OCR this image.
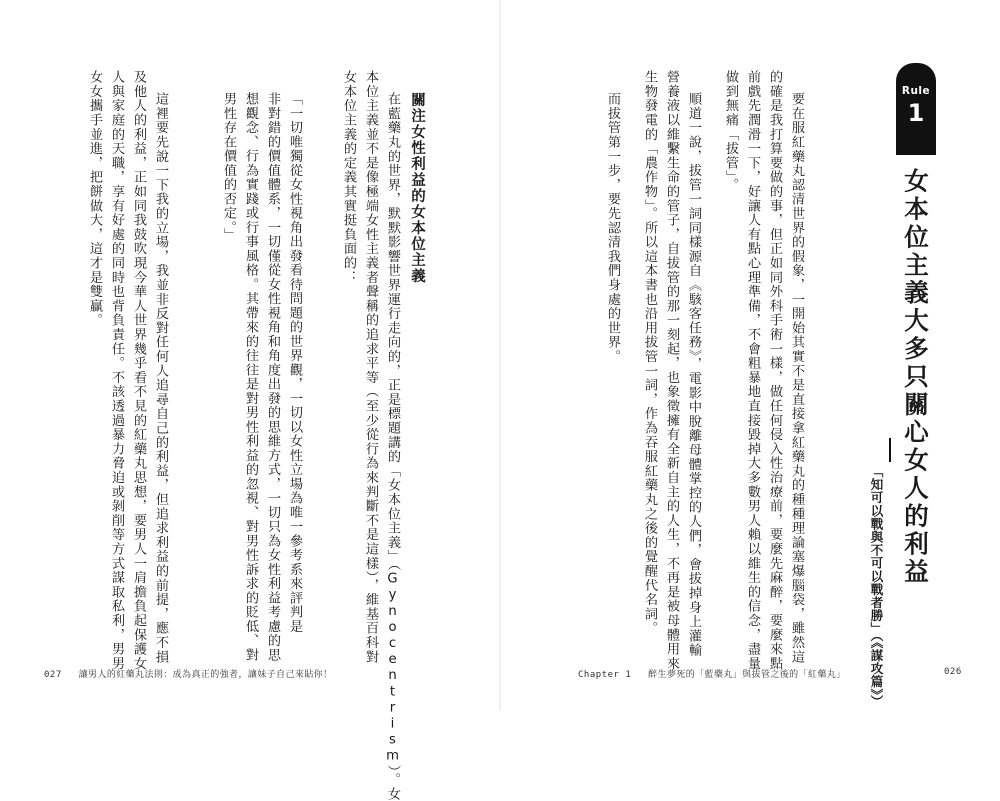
Rule
1
女本位主義大多只關心女人的利益
「知可以戰與不可以戰者勝」（《謀攻篇》）
要在服紅藥丸認清世界的假象，一開始其實不是直接拿紅藥丸的種種理論塞爆腦袋，雖然這
的確是我打算要做的事，但正如同外科手術一樣，做任何侵入性治療前，要麼先麻醉，要麼來點
前戲先潤滑一下，好讓人有點心理準備，不會粗暴地直接毀掉大多數男人賴以維生的信念，盡量
做到無痛「拔管」。
順道一說，拔管一詞同樣源自《駭客任務》，電影中脫離母體掌控的人們，會拔掉身上灌輸
營養液以維繫生命的管子，自拔管的那一刻起，也象徵擁有全新自主的人生，不再是被母體用來
生物發電的「農作物」。所以這本書也沿用拔管一詞，作為吞服紅藥丸之後的覺醒代名詞。
而拔管第一步，要先認清我們身處的世界。
Chapter 1 醉生夢死的「藍藥丸」與拔管之後的「紅藥丸」	026
關注女性利益的女本位主義
在藍藥丸的世界，默默影響世界運行走向的，正是標題講的「女本位主義」（Gynocentrism）。女
本位主義並不是像極端女性主義者聲稱的追求平等（至少從行為來判斷不是這樣），維基百科對
女本位主義的定義其實挺負面的：
「一切唯獨從女性視角出發看待問題的世界觀，一切以女性立場為唯一參考系來評判是
非對錯的價值體系，一切僅從女性視角和角度出發的思維方式，一切只為女性利益考慮的思
想觀念、行為實踐或行事風格。其帶來的往往是對男性利益的忽視、對男性訴求的貶低、對
男性存在價值的否定。」
這裡要先說一下我的立場，我並非反對任何人追尋自己的利益，但追求利益的前提，應不損
及他人的利益，正如同我鼓吹現今華人世界幾乎看不見的紅藥丸思想，要男人一肩擔負起保護女
人與家庭的天職，享有好處的同時也背負責任。不該透過暴力脅迫或剝削等方式謀取私利，男男
女女攜手並進，把餅做大，這才是雙贏。
027 讓男人的紅藥丸法則：成為真正的強者，讓妹子自己來貼你！
